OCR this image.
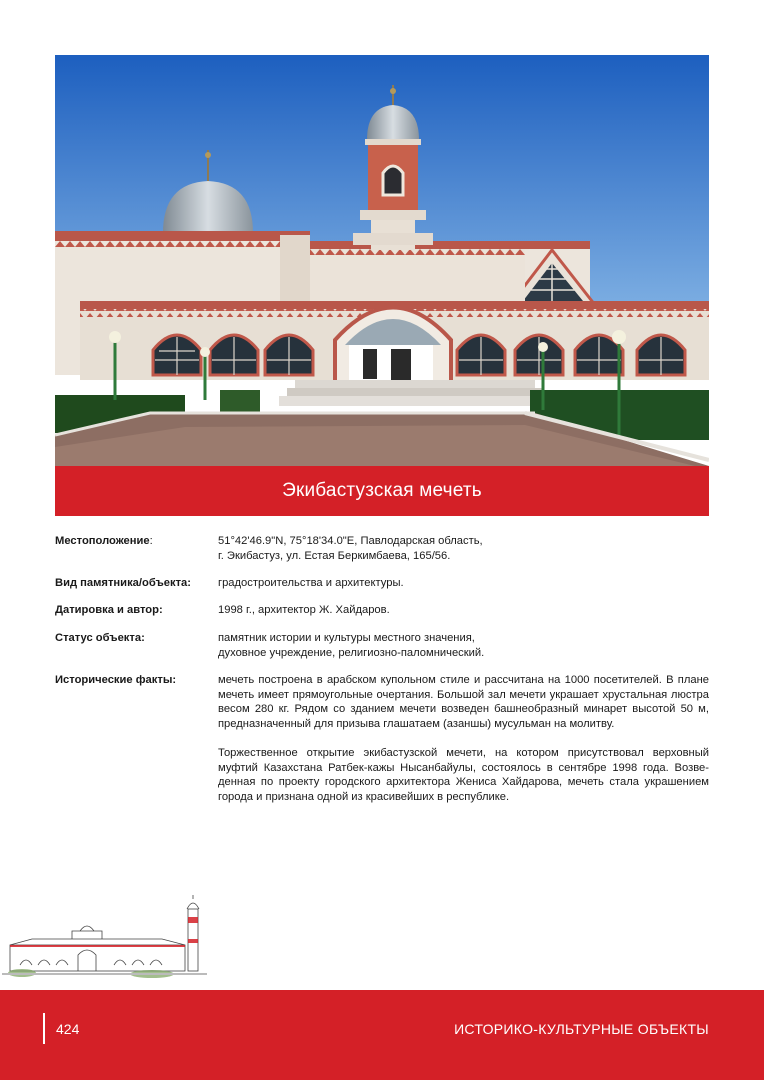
Экибастузская мечеть
Местоположение:	51°42'46.9"N, 75°18'34.0"E, Павлодарская область,
г. Экибастуз, ул. Естая Беркимбаева, 165/56.
Вид памятника/объекта:	градостроительства и архитектуры.
Датировка и автор:	1998 г., архитектор Ж. Хайдаров.
Статус объекта:	памятник истории и культуры местного значения,
духовное учреждение, религиозно-паломнический.
Исторические факты:	мечеть построена в арабском купольном стиле и рассчитана на 1000 посетителей. В плане мечеть имеет прямоугольные очертания. Большой зал мечети украшает хрустальная люстра весом 280 кг. Рядом со зданием мечети возведен башнеобразный минарет высотой 50 м, предназначенный для призыва глашатаем (азаншы) мусульман на молитву.

Торжественное открытие экибастузской мечети, на котором присутствовал верховный муфтий Казахстана Ратбек-кажы Нысанбайулы, состоялось в сентябре 1998 года. Возведенная по проекту городского архитектора Жениса Хайдарова, мечеть стала украшением города и признана одной из красивейших в республике.

424	ИСТОРИКО-КУЛЬТУРНЫЕ ОБЪЕКТЫ
